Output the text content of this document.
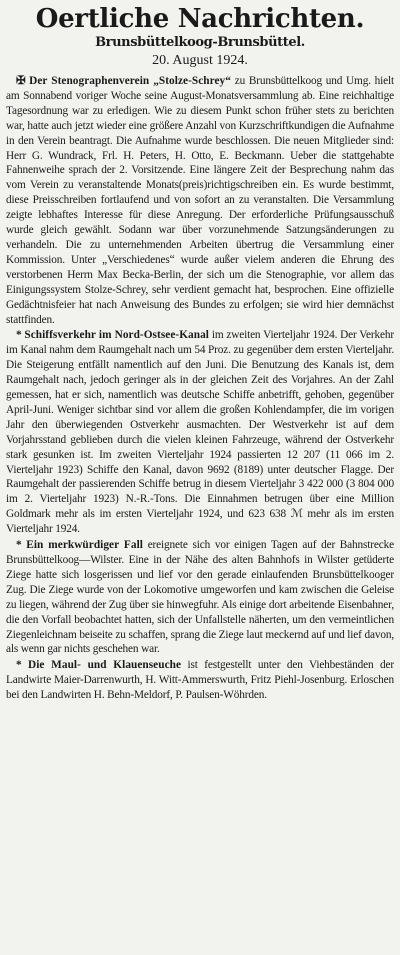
Oertliche Nachrichten.
Brunsbüttelkoog-Brunsbüttel.
20. August 1924.

✠ Der Stenographenverein „Stolze-Schrey“ zu Brunsbüttelkoog und Umg. hielt am Sonnabend voriger Woche seine August-Monatsversammlung ab. Eine reichhaltige Tagesordnung war zu erledigen. Wie zu diesem Punkt schon früher stets zu berichten war, hatte auch jetzt wieder eine größere Anzahl von Kurzschriftkundigen die Aufnahme in den Verein beantragt. Die Aufnahme wurde beschlossen. Die neuen Mitglieder sind: Herr G. Wundrack, Frl. H. Peters, H. Otto, E. Beckmann. Ueber die stattgehabte Fahnenweihe sprach der 2. Vorsitzende. Eine längere Zeit der Besprechung nahm das vom Verein zu veranstaltende Monats(preis)richtigschreiben ein. Es wurde bestimmt, diese Preisschreiben fortlaufend und von sofort an zu veranstalten. Die Versammlung zeigte lebhaftes Interesse für diese Anregung. Der erforderliche Prüfungsausschuß wurde gleich gewählt. Sodann war über vorzunehmende Satzungsänderungen zu verhandeln. Die zu unternehmenden Arbeiten übertrug die Versammlung einer Kommission. Unter „Verschiedenes“ wurde außer vielem anderen die Ehrung des verstorbenen Herrn Max Becka-Berlin, der sich um die Stenographie, vor allem das Einigungssystem Stolze-Schrey, sehr verdient gemacht hat, besprochen. Eine offizielle Gedächtnisfeier hat nach Anweisung des Bundes zu erfolgen; sie wird hier demnächst stattfinden.

* Schiffsverkehr im Nord-Ostsee-Kanal im zweiten Vierteljahr 1924. Der Verkehr im Kanal nahm dem Raumgehalt nach um 54 Proz. zu gegenüber dem ersten Vierteljahr. Die Steigerung entfällt namentlich auf den Juni. Die Benutzung des Kanals ist, dem Raumgehalt nach, jedoch geringer als in der gleichen Zeit des Vorjahres. An der Zahl gemessen, hat er sich, namentlich was deutsche Schiffe anbetrifft, gehoben, gegenüber April-Juni. Weniger sichtbar sind vor allem die großen Kohlendampfer, die im vorigen Jahr den überwiegenden Ostverkehr ausmachten. Der Westverkehr ist auf dem Vorjahrsstand geblieben durch die vielen kleinen Fahrzeuge, während der Ostverkehr stark gesunken ist. Im zweiten Vierteljahr 1924 passierten 12 207 (11 066 im 2. Vierteljahr 1923) Schiffe den Kanal, davon 9692 (8189) unter deutscher Flagge. Der Raumgehalt der passierenden Schiffe betrug in diesem Vierteljahr 3 422 000 (3 804 000 im 2. Vierteljahr 1923) N.-R.-Tons. Die Einnahmen betrugen über eine Million Goldmark mehr als im ersten Vierteljahr 1924, und 623 638 ℳ mehr als im ersten Vierteljahr 1924.

* Ein merkwürdiger Fall ereignete sich vor einigen Tagen auf der Bahnstrecke Brunsbüttelkoog—Wilster. Eine in der Nähe des alten Bahnhofs in Wilster getüderte Ziege hatte sich losgerissen und lief vor den gerade einlaufenden Brunsbüttelkooger Zug. Die Ziege wurde von der Lokomotive umgeworfen und kam zwischen die Geleise zu liegen, während der Zug über sie hinwegfuhr. Als einige dort arbeitende Eisenbahner, die den Vorfall beobachtet hatten, sich der Unfallstelle näherten, um den vermeintlichen Ziegenleichnam beiseite zu schaffen, sprang die Ziege laut meckernd auf und lief davon, als wenn gar nichts geschehen war.

* Die Maul- und Klauenseuche ist festgestellt unter den Viehbeständen der Landwirte Maier-Darrenwurth, H. Witt-Ammerswurth, Fritz Piehl-Josenburg. Erloschen bei den Landwirten H. Behn-Meldorf, P. Paulsen-Wöhrden.
